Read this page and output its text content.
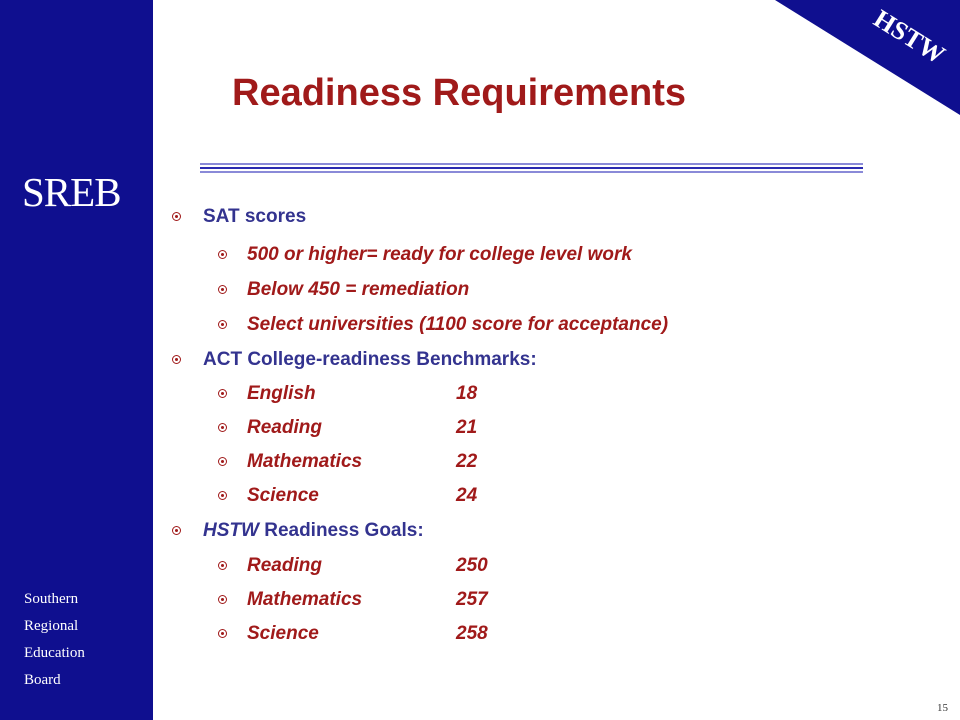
SREB
Southern
Regional
Education
Board
HSTW
Readiness Requirements
SAT scores
500 or higher= ready for college level work
Below 450 = remediation
Select universities (1100 score for acceptance)
ACT College-readiness Benchmarks:
English	18
Reading	21
Mathematics	22
Science	24
HSTW Readiness Goals:
Reading	250
Mathematics	257
Science	258
15
